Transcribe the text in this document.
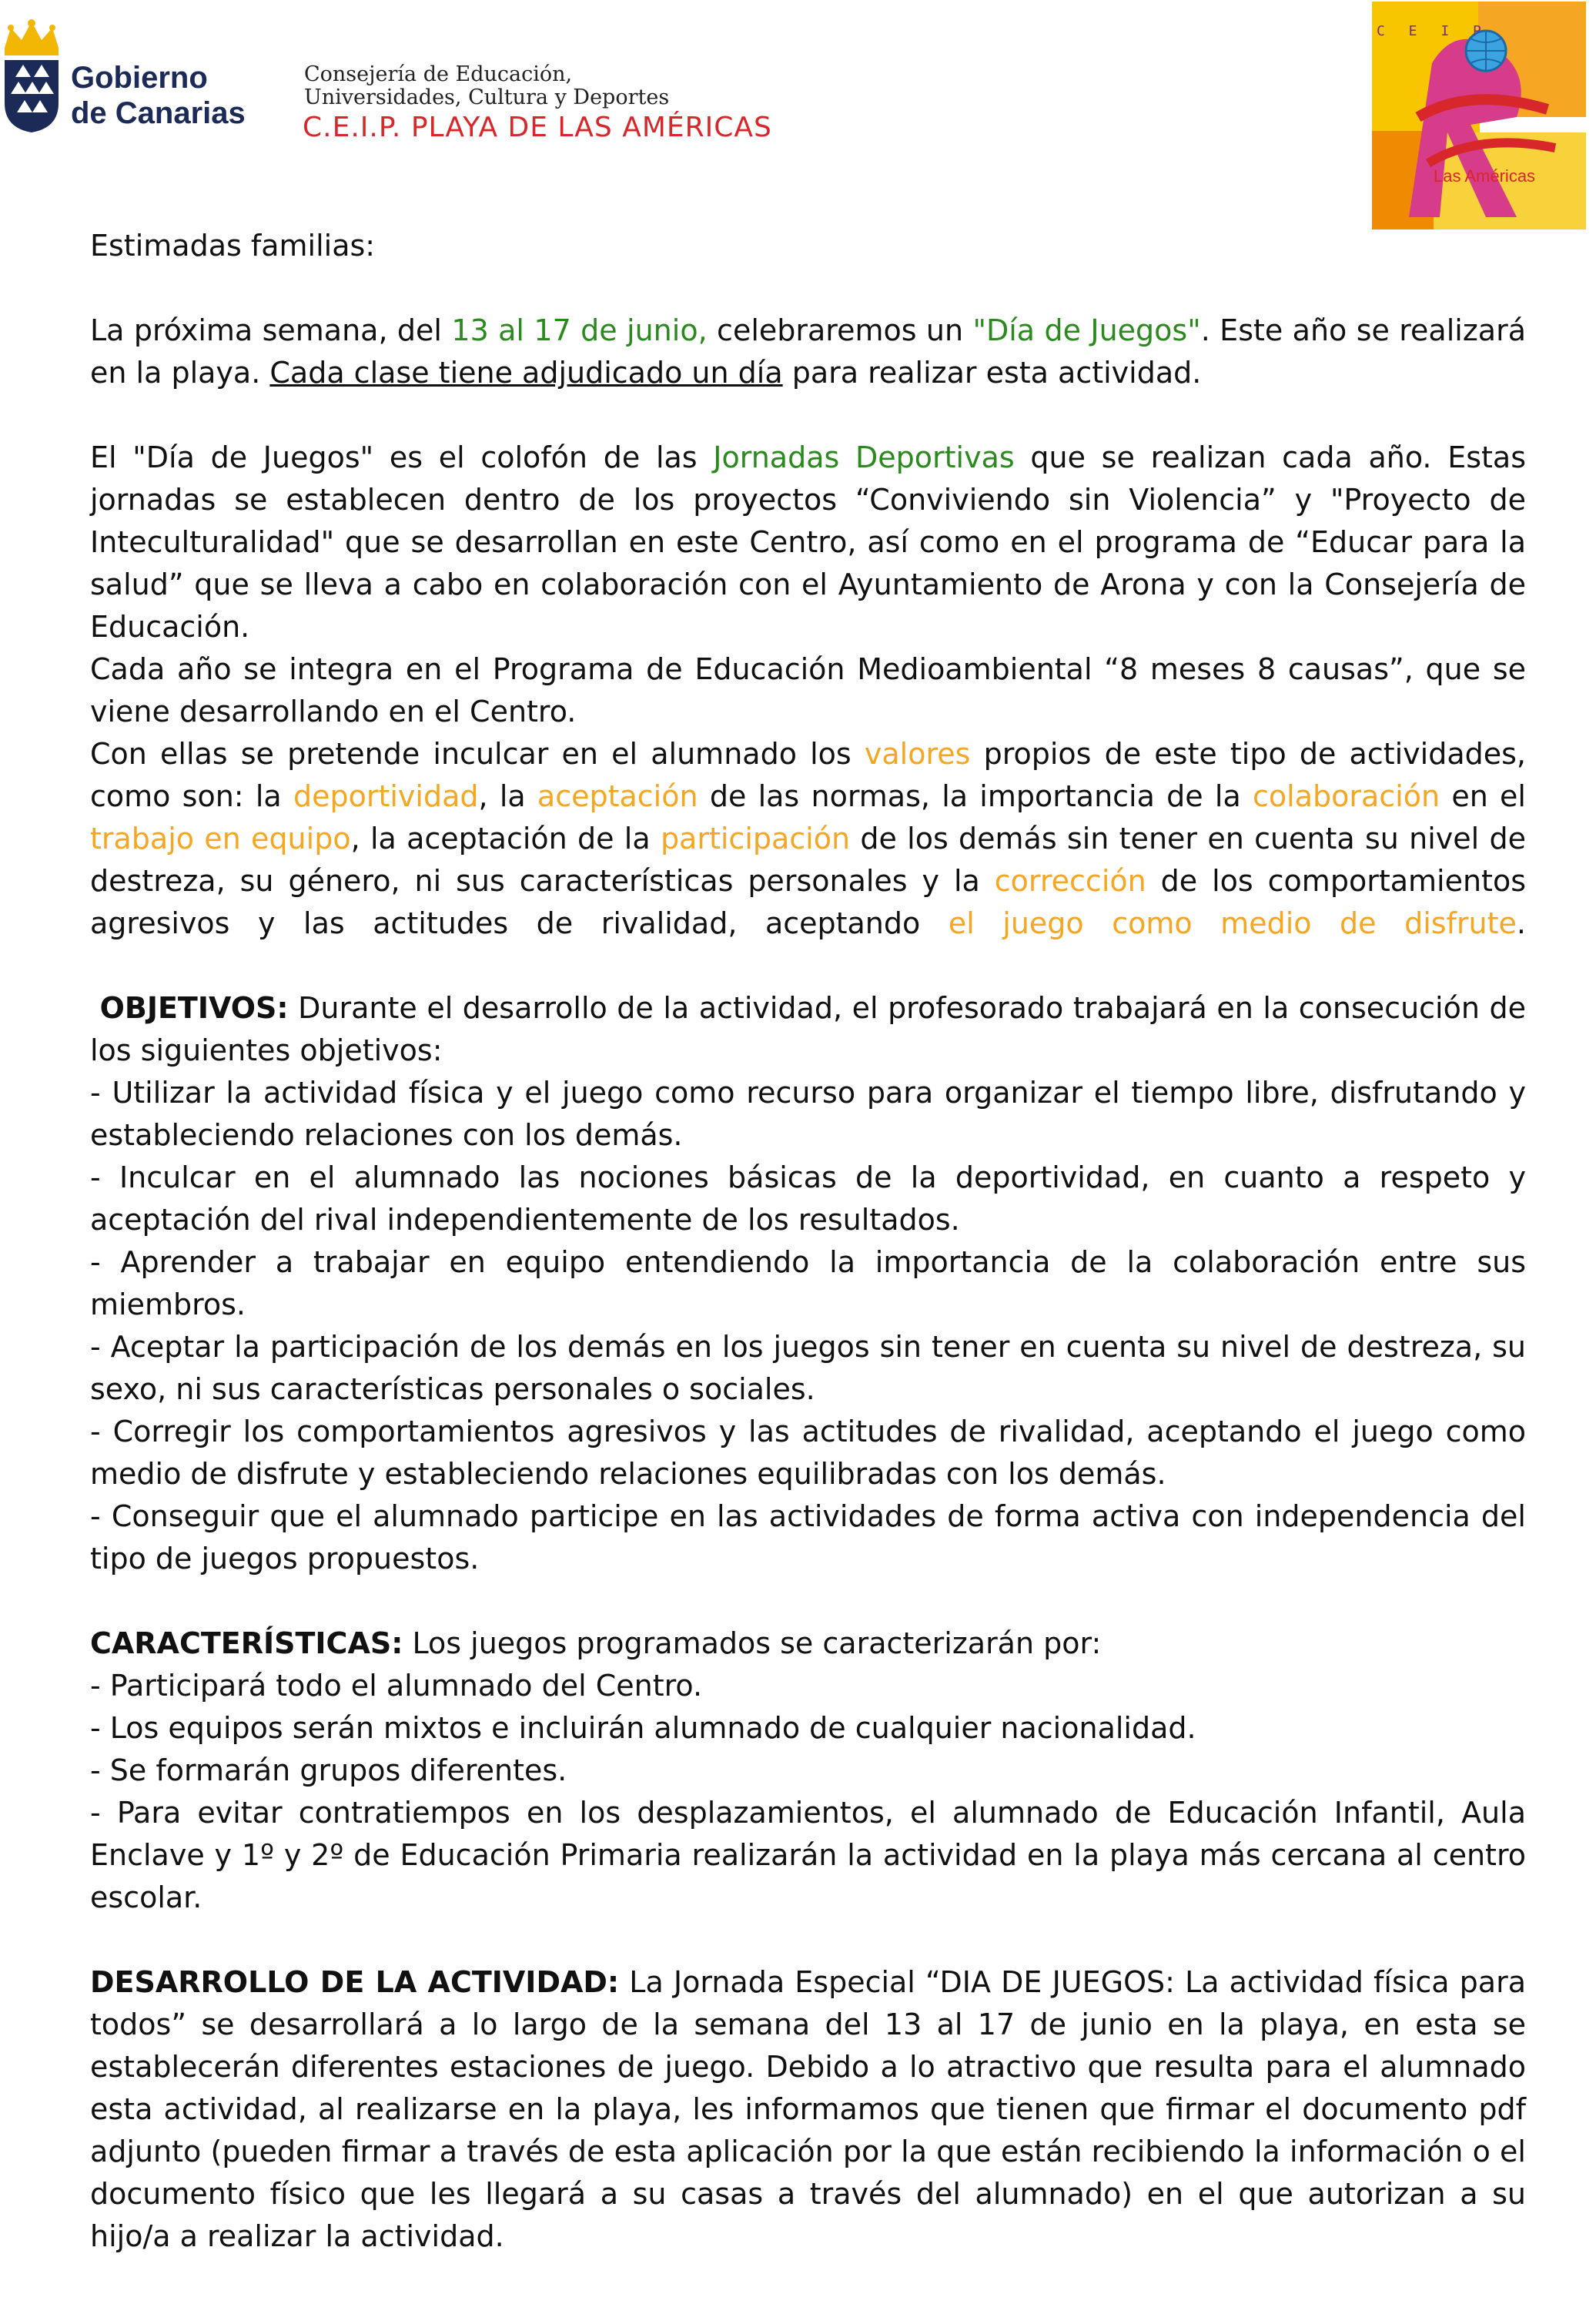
Gobierno
de Canarias
Consejería de Educación,
Universidades, Cultura y Deportes
C.E.I.P. PLAYA DE LAS AMÉRICAS
C E I P
Las Américas

Estimadas familias:

La próxima semana, del 13 al 17 de junio, celebraremos un "Día de Juegos". Este año se realizará en la playa. Cada clase tiene adjudicado un día para realizar esta actividad.

El "Día de Juegos" es el colofón de las Jornadas Deportivas que se realizan cada año. Estas jornadas se establecen dentro de los proyectos “Conviviendo sin Violencia” y "Proyecto de Inteculturalidad" que se desarrollan en este Centro, así como en el programa de “Educar para la salud” que se lleva a cabo en colaboración con el Ayuntamiento de Arona y con la Consejería de Educación.

Cada año se integra en el Programa de Educación Medioambiental “8 meses 8 causas”, que se viene desarrollando en el Centro.

Con ellas se pretende inculcar en el alumnado los valores propios de este tipo de actividades, como son: la deportividad, la aceptación de las normas, la importancia de la colaboración en el trabajo en equipo, la aceptación de la participación de los demás sin tener en cuenta su nivel de destreza, su género, ni sus características personales y la corrección de los comportamientos agresivos y las actitudes de rivalidad, aceptando el juego como medio de disfrute.

OBJETIVOS: Durante el desarrollo de la actividad, el profesorado trabajará en la consecución de los siguientes objetivos:

- Utilizar la actividad física y el juego como recurso para organizar el tiempo libre, disfrutando y estableciendo relaciones con los demás.

- Inculcar en el alumnado las nociones básicas de la deportividad, en cuanto a respeto y aceptación del rival independientemente de los resultados.

- Aprender a trabajar en equipo entendiendo la importancia de la colaboración entre sus miembros.

- Aceptar la participación de los demás en los juegos sin tener en cuenta su nivel de destreza, su sexo, ni sus características personales o sociales.

- Corregir los comportamientos agresivos y las actitudes de rivalidad, aceptando el juego como medio de disfrute y estableciendo relaciones equilibradas con los demás.

- Conseguir que el alumnado participe en las actividades de forma activa con independencia del tipo de juegos propuestos.

CARACTERÍSTICAS: Los juegos programados se caracterizarán por:

- Participará todo el alumnado del Centro.

- Los equipos serán mixtos e incluirán alumnado de cualquier nacionalidad.

- Se formarán grupos diferentes.

- Para evitar contratiempos en los desplazamientos, el alumnado de Educación Infantil, Aula Enclave y 1º y 2º de Educación Primaria realizarán la actividad en la playa más cercana al centro escolar.

DESARROLLO DE LA ACTIVIDAD: La Jornada Especial “DIA DE JUEGOS: La actividad física para todos” se desarrollará a lo largo de la semana del 13 al 17 de junio en la playa, en esta se establecerán diferentes estaciones de juego. Debido a lo atractivo que resulta para el alumnado esta actividad, al realizarse en la playa, les informamos que tienen que firmar el documento pdf adjunto (pueden firmar a través de esta aplicación por la que están recibiendo la información o el documento físico que les llegará a su casas a través del alumnado) en el que autorizan a su hijo/a a realizar la actividad.
